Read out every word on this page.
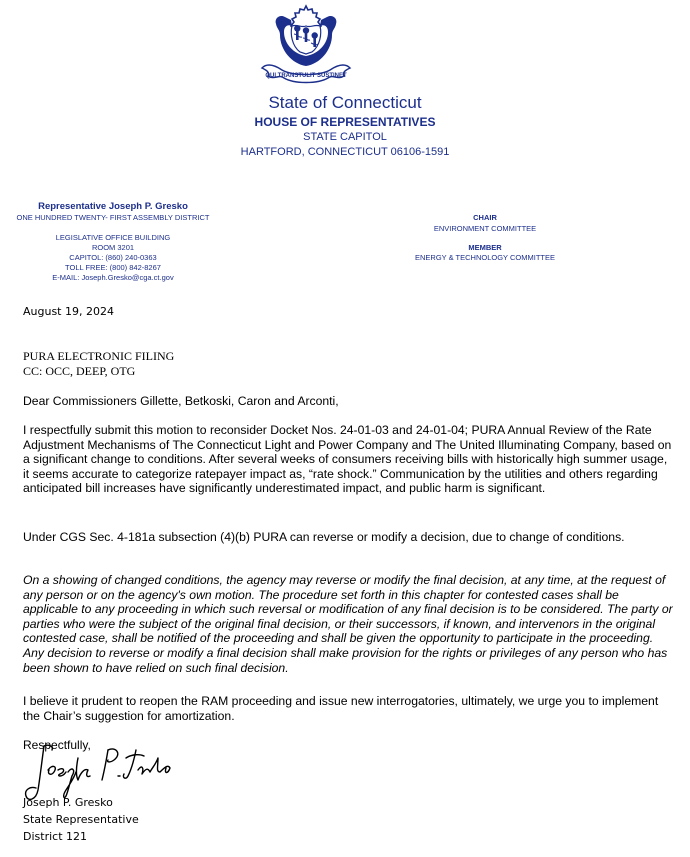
QUI TRANSTULIT SUSTINET
State of Connecticut
HOUSE OF REPRESENTATIVES
STATE CAPITOL
HARTFORD, CONNECTICUT 06106-1591
Representative Joseph P. Gresko
ONE HUNDRED TWENTY- FIRST ASSEMBLY DISTRICT
LEGISLATIVE OFFICE BUILDING
ROOM 3201
CAPITOL: (860) 240-0363
TOLL FREE: (800) 842-8267
E-MAIL: Joseph.Gresko@cga.ct.gov
CHAIR
ENVIRONMENT COMMITTEE
MEMBER
ENERGY & TECHNOLOGY COMMITTEE
August 19, 2024
PURA ELECTRONIC FILING
CC: OCC, DEEP, OTG
Dear Commissioners Gillette, Betkoski, Caron and Arconti,
I respectfully submit this motion to reconsider Docket Nos. 24-01-03 and 24-01-04; PURA Annual Review of the Rate Adjustment Mechanisms of The Connecticut Light and Power Company and The United Illuminating Company, based on a significant change to conditions. After several weeks of consumers receiving bills with historically high summer usage, it seems accurate to categorize ratepayer impact as, “rate shock.” Communication by the utilities and others regarding anticipated bill increases have significantly underestimated impact, and public harm is significant.
Under CGS Sec. 4-181a subsection (4)(b) PURA can reverse or modify a decision, due to change of conditions.
On a showing of changed conditions, the agency may reverse or modify the final decision, at any time, at the request of any person or on the agency's own motion. The procedure set forth in this chapter for contested cases shall be applicable to any proceeding in which such reversal or modification of any final decision is to be considered. The party or parties who were the subject of the original final decision, or their successors, if known, and intervenors in the original contested case, shall be notified of the proceeding and shall be given the opportunity to participate in the proceeding. Any decision to reverse or modify a final decision shall make provision for the rights or privileges of any person who has been shown to have relied on such final decision.
I believe it prudent to reopen the RAM proceeding and issue new interrogatories, ultimately, we urge you to implement the Chair’s suggestion for amortization.
Respectfully,
Joseph P. Gresko
State Representative
District 121
